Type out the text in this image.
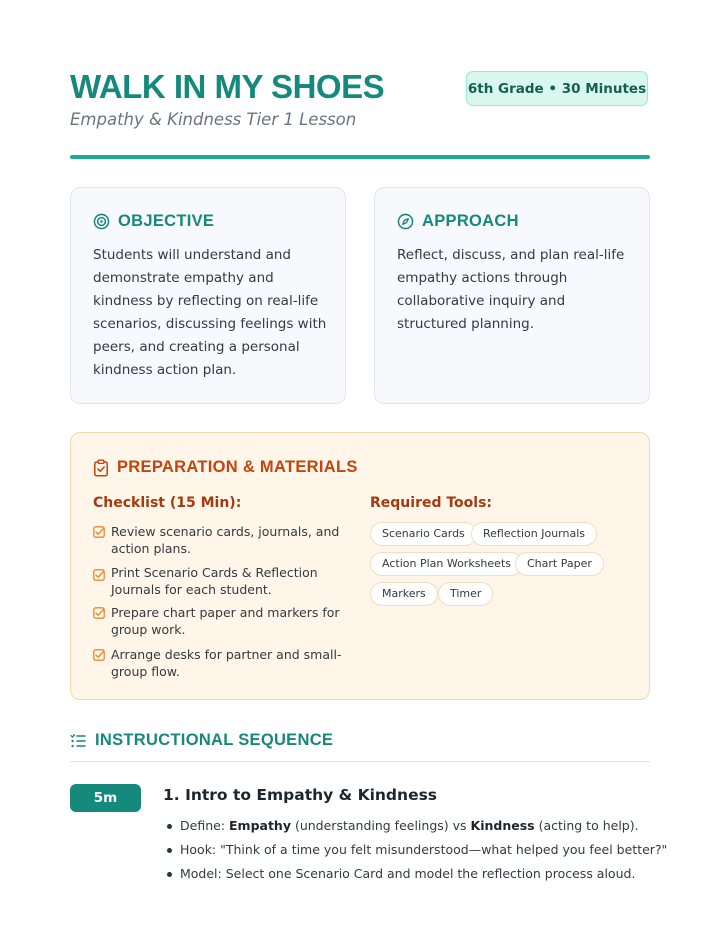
WALK IN MY SHOES

Empathy & Kindness Tier 1 Lesson

6th Grade • 30 Minutes
OBJECTIVE

Students will understand and demonstrate empathy and kindness by reflecting on real-life scenarios, discussing feelings with peers, and creating a personal kindness action plan.

APPROACH

Reflect, discuss, and plan real-life empathy actions through collaborative inquiry and structured planning.

PREPARATION & MATERIALS
Checklist (15 Min):
Review scenario cards, journals, and action plans.
Print Scenario Cards & Reflection Journals for each student.
Prepare chart paper and markers for group work.
Arrange desks for partner and small-group flow.
Required Tools:
Scenario Cards	Reflection Journals
Action Plan Worksheets	Chart Paper
Markers	Timer
INSTRUCTIONAL SEQUENCE
5m	1. Intro to Empathy & Kindness
Define: Empathy (understanding feelings) vs Kindness (acting to help).
Hook: "Think of a time you felt misunderstood—what helped you feel better?"
Model: Select one Scenario Card and model the reflection process aloud.
